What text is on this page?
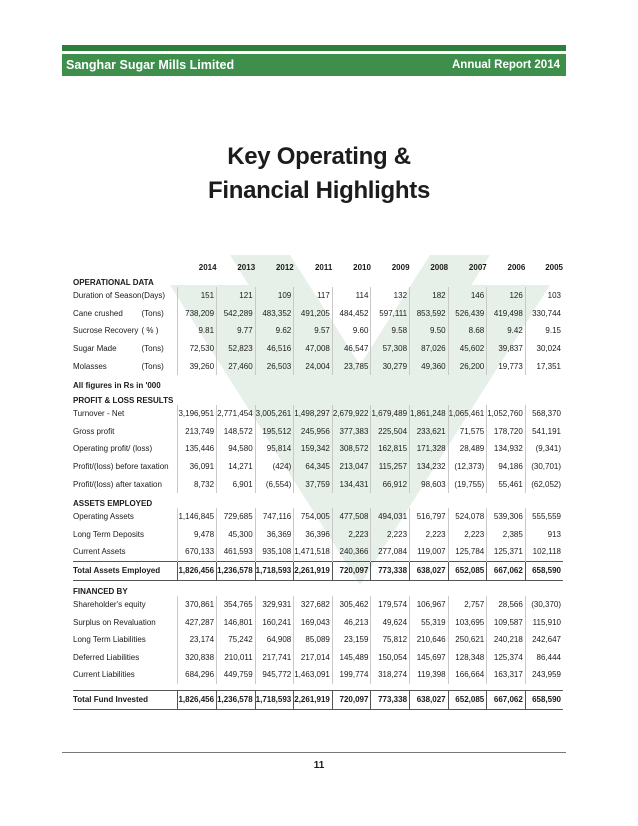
Sanghar Sugar Mills Limited	Annual Report 2014
Key Operating &
Financial Highlights
		2014	2013	2012	2011	2010	2009	2008	2007	2006	2005
OPERATIONAL DATA											
Duration of Season	(Days)	151	121	109	117	114	132	182	146	126	103
Cane crushed	(Tons)	738,209	542,289	483,352	491,205	484,452	597,111	853,592	526,439	419,498	330,744
Sucrose Recovery	( % )	9.81	9.77	9.62	9.57	9.60	9.58	9.50	8.68	9.42	9.15
Sugar Made	(Tons)	72,530	52,823	46,516	47,008	46,547	57,308	87,026	45,602	39,837	30,024
Molasses	(Tons)	39,260	27,460	26,503	24,004	23,785	30,279	49,360	26,200	19,773	17,351
All figures in Rs in '000											
PROFIT & LOSS RESULTS											
Turnover - Net		3,196,951	2,771,454	3,005,261	1,498,297	2,679,922	1,679,489	1,861,248	1,065,461	1,052,760	568,370
Gross profit		213,749	148,572	195,512	245,956	377,383	225,504	233,621	71,575	178,720	541,191
Operating profit/ (loss)		135,446	94,580	95,814	159,342	308,572	162,815	171,328	28,489	134,932	(9,341)
Profit/(loss) before taxation		36,091	14,271	(424)	64,345	213,047	115,257	134,232	(12,373)	94,186	(30,701)
Profit/(loss) after taxation		8,732	6,901	(6,554)	37,759	134,431	66,912	98,603	(19,755)	55,461	(62,052)
ASSETS EMPLOYED											
Operating Assets		1,146,845	729,685	747,116	754,005	477,508	494,031	516,797	524,078	539,306	555,559
Long Term Deposits		9,478	45,300	36,369	36,396	2,223	2,223	2,223	2,223	2,385	913
Current Assets		670,133	461,593	935,108	1,471,518	240,366	277,084	119,007	125,784	125,371	102,118
Total Assets Employed		1,826,456	1,236,578	1,718,593	2,261,919	720,097	773,338	638,027	652,085	667,062	658,590
FINANCED BY											
Shareholder's equity		370,861	354,765	329,931	327,682	305,462	179,574	106,967	2,757	28,566	(30,370)
Surplus on Revaluation		427,287	146,801	160,241	169,043	46,213	49,624	55,319	103,695	109,587	115,910
Long Term Liabilities		23,174	75,242	64,908	85,089	23,159	75,812	210,646	250,621	240,218	242,647
Deferred Liabilities		320,838	210,011	217,741	217,014	145,489	150,054	145,697	128,348	125,374	86,444
Current Liabilities		684,296	449,759	945,772	1,463,091	199,774	318,274	119,398	166,664	163,317	243,959

Total Fund Invested		1,826,456	1,236,578	1,718,593	2,261,919	720,097	773,338	638,027	652,085	667,062	658,590
11
